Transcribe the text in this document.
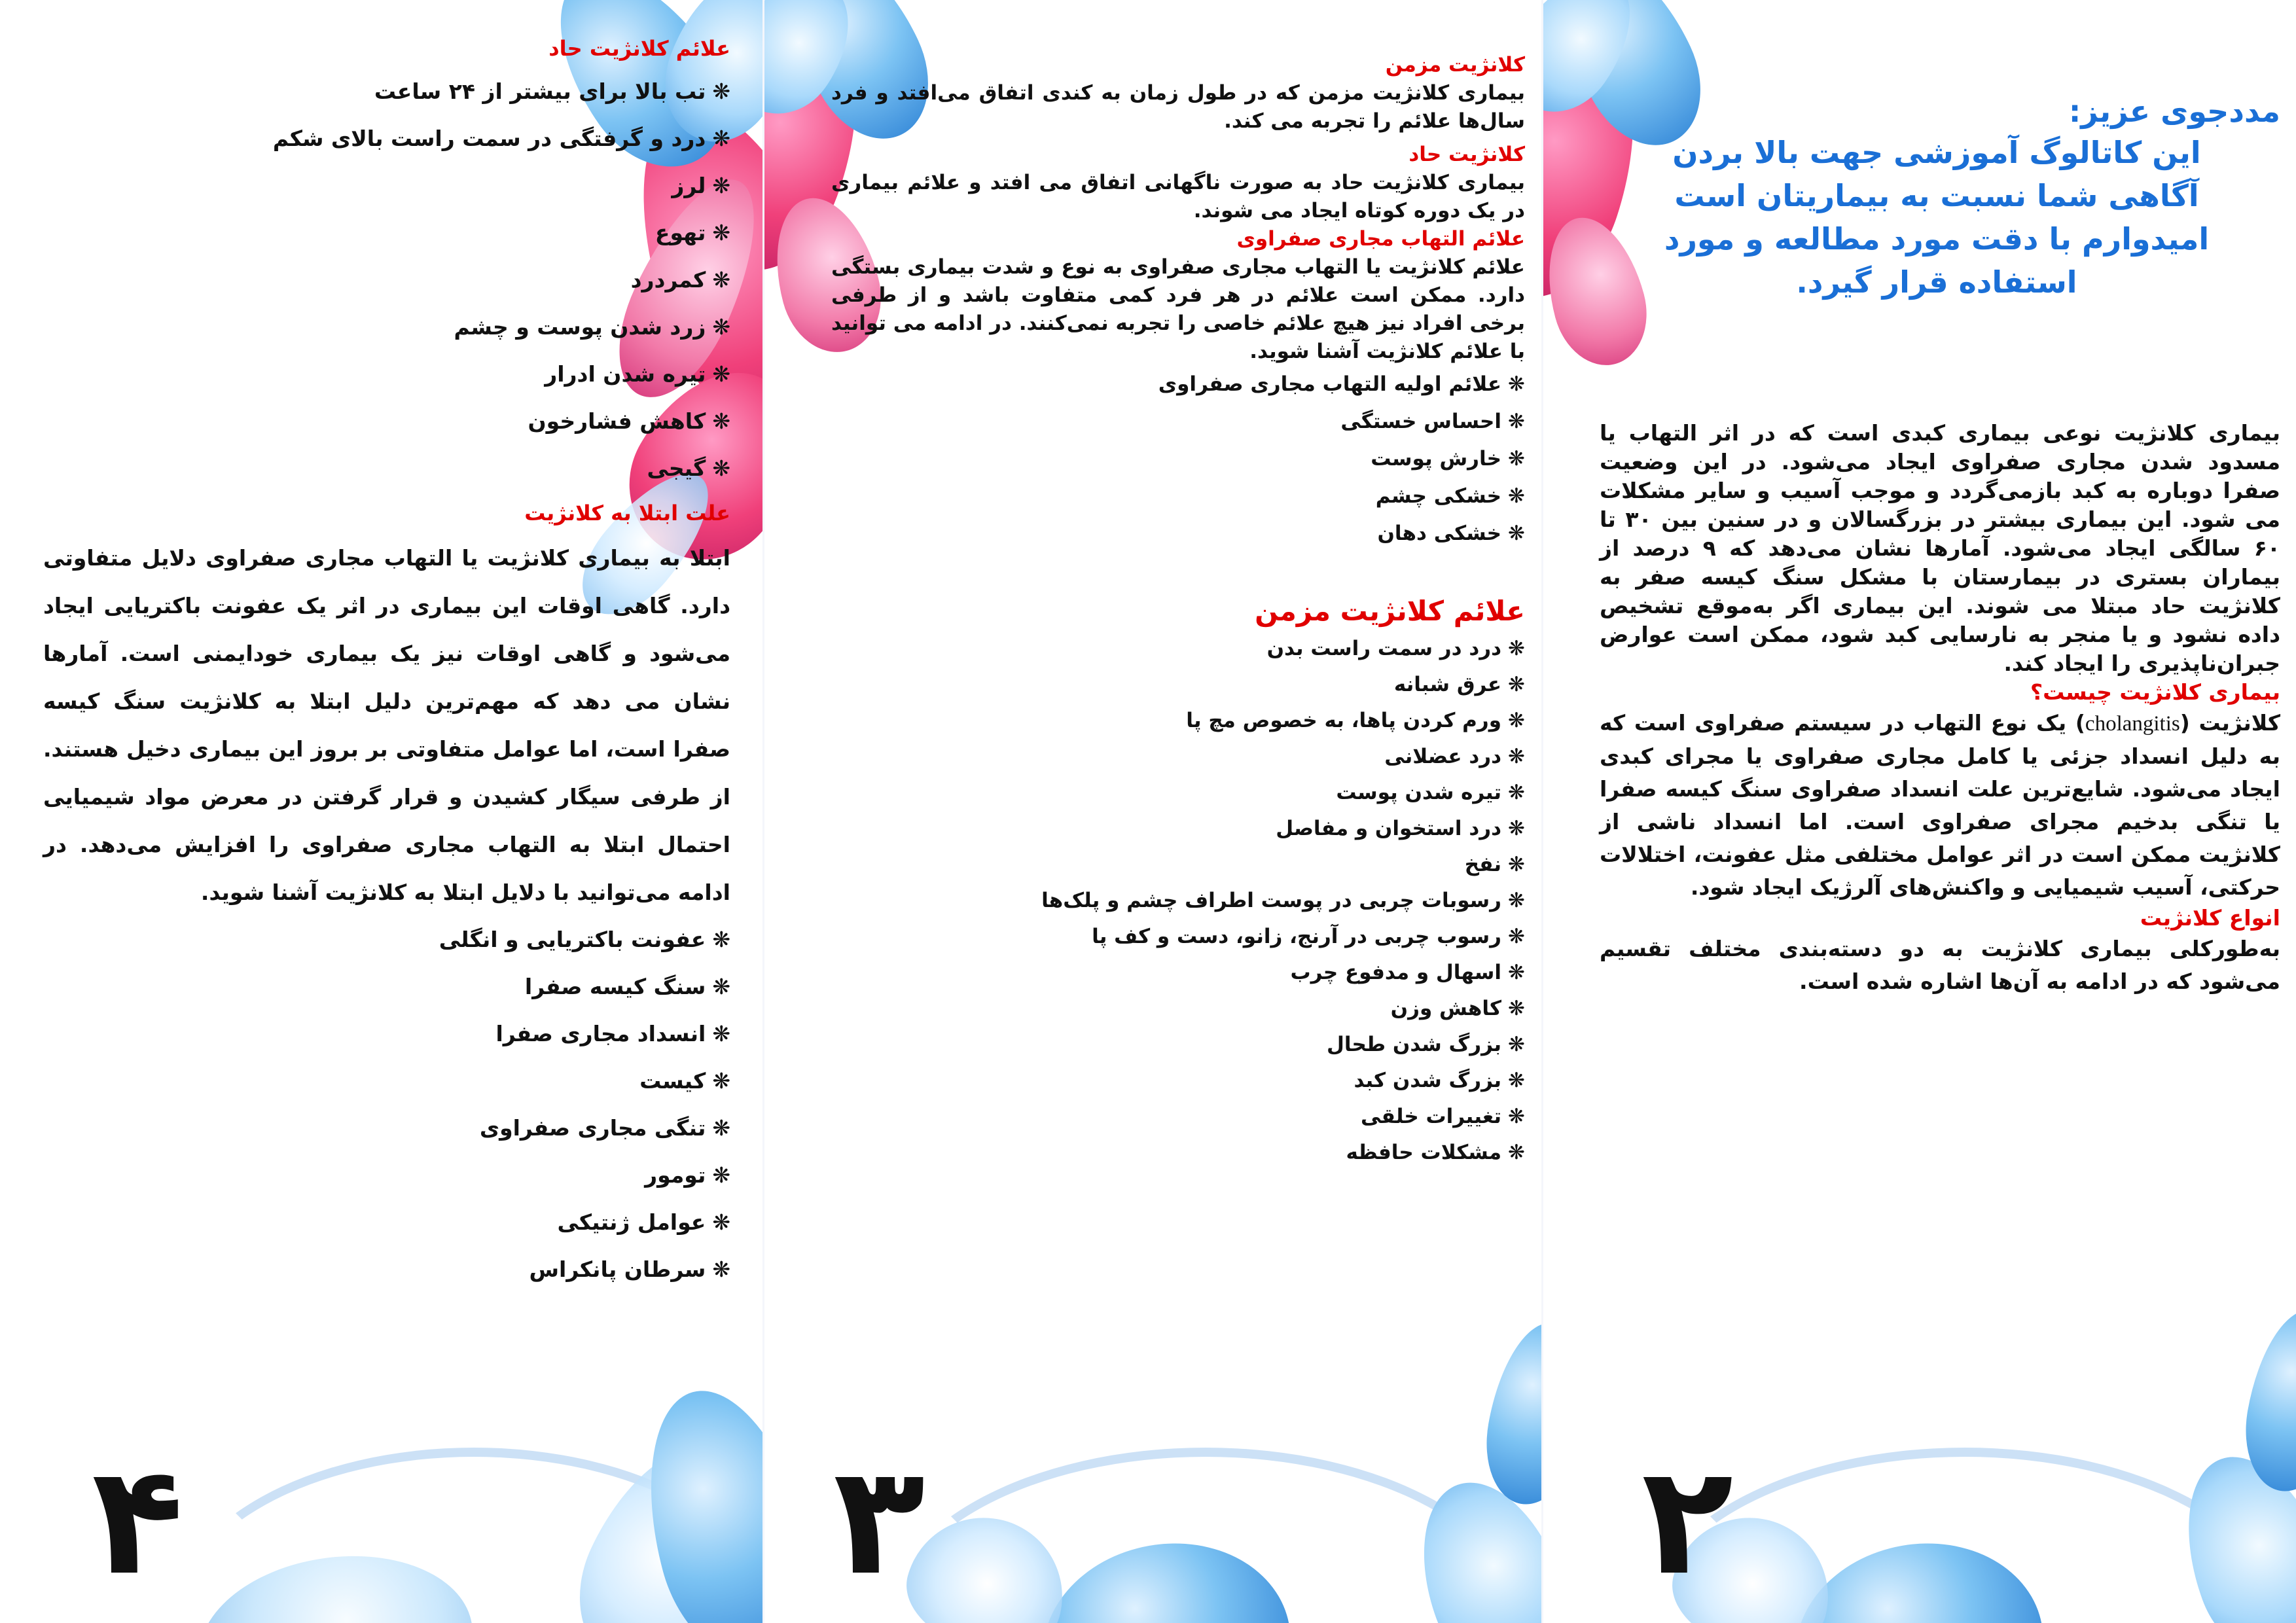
علائم کلانژیت حاد
❋
تب بالا برای بیشتر از ۲۴ ساعت
❋
درد و گرفتگی در سمت راست بالای شکم
❋
لرز
❋
تهوع
❋
کمردرد
❋
زرد شدن پوست و چشم
❋
تیره شدن ادرار
❋
کاهش فشارخون
❋
گیجی
علت ابتلا به کلانژیت
ابتلا به بیماری کلانژیت یا التهاب مجاری صفراوی دلایل متفاوتی دارد. گاهی اوقات این بیماری در اثر یک عفونت باکتریایی ایجاد می‌شود و گاهی اوقات نیز یک بیماری خودایمنی است. آمارها نشان می دهد که مهم‌ترین دلیل ابتلا به کلانژیت سنگ کیسه صفرا است، اما عوامل متفاوتی بر بروز این بیماری دخیل هستند. از طرفی سیگار کشیدن و قرار گرفتن در معرض مواد شیمیایی احتمال ابتلا به التهاب مجاری صفراوی را افزایش می‌دهد. در ادامه می‌توانید با دلایل ابتلا به کلانژیت آشنا شوید.
❋
عفونت باکتریایی و انگلی
❋
سنگ کیسه صفرا
❋
انسداد مجاری صفرا
❋
کیست
❋
تنگی مجاری صفراوی
❋
تومور
❋
عوامل ژنتیکی
❋
سرطان پانکراس
۴
کلانژیت مزمن
بیماری کلانژیت مزمن که در طول زمان به کندی اتفاق می‌افتد و فرد سال‌ها علائم را تجربه می کند.
کلانژیت حاد
بیماری کلانژیت حاد به صورت ناگهانی اتفاق می افتد و علائم بیماری در یک دوره کوتاه ایجاد می شوند.
علائم التهاب مجاری صفراوی
علائم کلانژیت یا التهاب مجاری صفراوی به نوع و شدت بیماری بستگی دارد. ممکن است علائم در هر فرد کمی متفاوت باشد و از طرفی برخی افراد نیز هیچ علائم خاصی را تجربه نمی‌کنند. در ادامه می توانید با علائم کلانژیت آشنا شوید.
❋
علائم اولیه التهاب مجاری صفراوی
❋
احساس خستگی
❋
خارش پوست
❋
خشکی چشم
❋
خشکی دهان
علائم کلانژیت مزمن
❋
درد در سمت راست بدن
❋
عرق شبانه
❋
ورم کردن پاها، به خصوص مچ پا
❋
درد عضلانی
❋
تیره شدن پوست
❋
درد استخوان و مفاصل
❋
نفخ
❋
رسوبات چربی در پوست اطراف چشم و پلک‌ها
❋
رسوب چربی در آرنج، زانو، دست و کف پا
❋
اسهال و مدفوع چرب
❋
کاهش وزن
❋
بزرگ شدن طحال
❋
بزرگ شدن کبد
❋
تغییرات خلقی
❋
مشکلات حافظه
۳
مددجوی عزیز:
این کاتالوگ آموزشی جهت بالا بردن آگاهی شما نسبت به بیماریتان است امیدوارم با دقت مورد مطالعه و مورد استفاده قرار گیرد.
بیماری کلانژیت نوعی بیماری کبدی است که در اثر التهاب یا مسدود شدن مجاری صفراوی ایجاد می‌شود. در این وضعیت صفرا دوباره به کبد بازمی‌گردد و موجب آسیب و سایر مشکلات می شود. این بیماری بیشتر در بزرگسالان و در سنین بین ۳۰ تا ۶۰ سالگی ایجاد می‌شود. آمارها نشان می‌دهد که ۹ درصد از بیماران بستری در بیمارستان با مشکل سنگ کیسه صفر به کلانژیت حاد مبتلا می شوند. این بیماری اگر به‌موقع تشخیص داده نشود و یا منجر به نارسایی کبد شود، ممکن است عوارض جبران‌ناپذیری را ایجاد کند.
بیماری کلانژیت چیست؟
کلانژیت (cholangitis) یک نوع التهاب در سیستم صفراوی است که به دلیل انسداد جزئی یا کامل مجاری صفراوی یا مجرای کبدی ایجاد می‌شود. شایع‌ترین علت انسداد صفراوی سنگ کیسه صفرا یا تنگی بدخیم مجرای صفراوی است. اما انسداد ناشی از کلانژیت ممکن است در اثر عوامل مختلفی مثل عفونت، اختلالات حرکتی، آسیب شیمیایی و واکنش‌های آلرژیک ایجاد شود.
انواع کلانژیت
به‌طورکلی بیماری کلانژیت به دو دسته‌بندی مختلف تقسیم می‌شود که در ادامه به آن‌ها اشاره شده است.
۲
